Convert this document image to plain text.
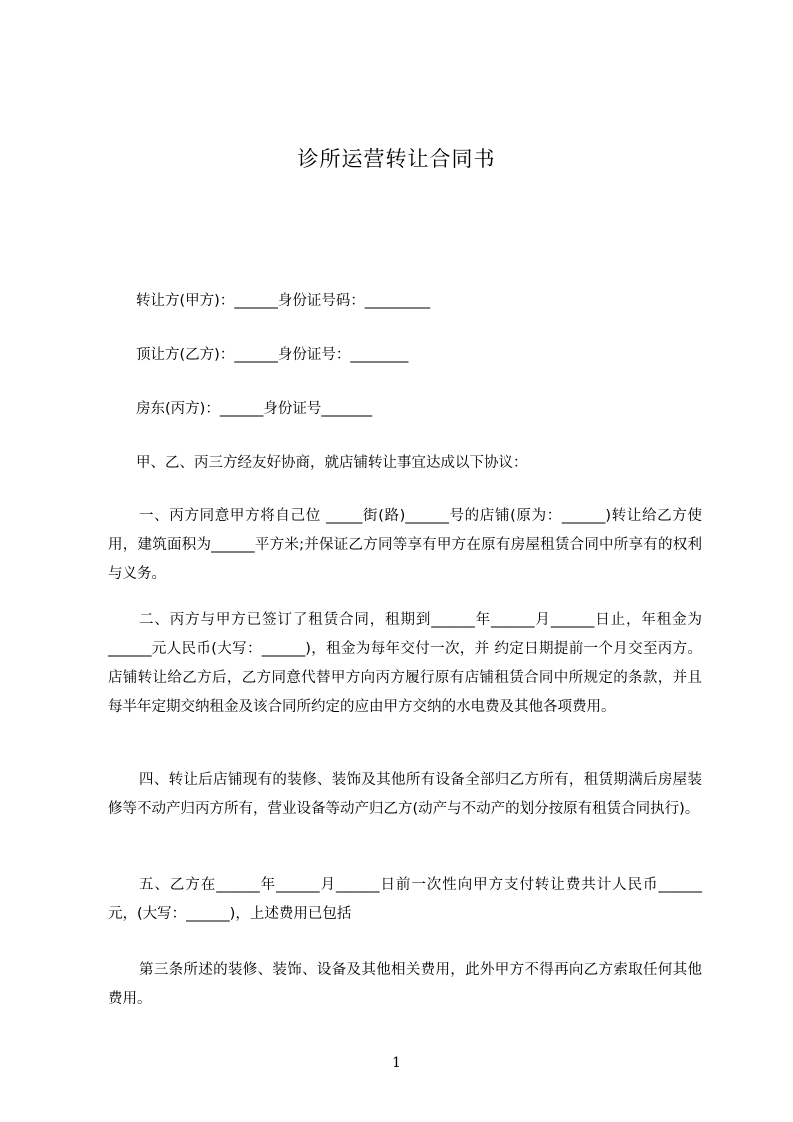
诊所运营转让合同书
转让方(甲方)：______身份证号码：_________
顶让方(乙方)：______身份证号：________
房东(丙方)：______身份证号_______
甲、乙、丙三方经友好协商，就店铺转让事宜达成以下协议：
一、丙方同意甲方将自己位 _____街(路)______号的店铺(原为：______)转让给乙方使用，建筑面积为______平方米;并保证乙方同等享有甲方在原有房屋租赁合同中所享有的权利与义务。
二、丙方与甲方已签订了租赁合同，租期到______年______月______日止，年租金为______元人民币(大写：______)，租金为每年交付一次，并 约定日期提前一个月交至丙方。店铺转让给乙方后，乙方同意代替甲方向丙方履行原有店铺租赁合同中所规定的条款，并且每半年定期交纳租金及该合同所约定的应由甲方交纳的水电费及其他各项费用。
四、转让后店铺现有的装修、装饰及其他所有设备全部归乙方所有，租赁期满后房屋装修等不动产归丙方所有，营业设备等动产归乙方(动产与不动产的划分按原有租赁合同执行)。
五、乙方在______年______月______日前一次性向甲方支付转让费共计人民币______元，(大写：______)，上述费用已包括
第三条所述的装修、装饰、设备及其他相关费用，此外甲方不得再向乙方索取任何其他费用。
1
